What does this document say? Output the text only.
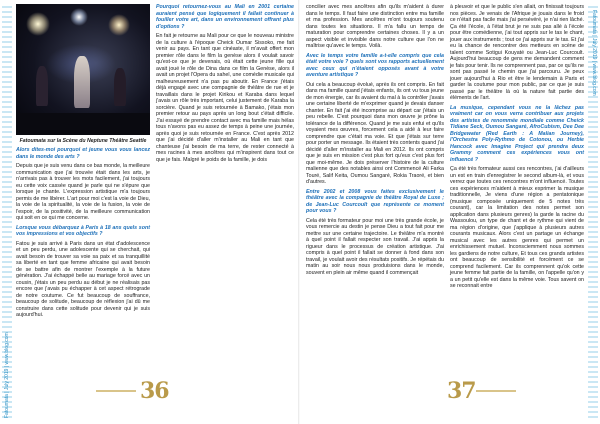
Fatoumata | July 2019 | www.blog.com
Fatoumata sur la Scène du Neptune Théâtre Seattle

Alors dites-moi pourquoi et jeune vous vous lancez dans le monde des arts ?

Depuis que je suis venu dans ce bas monde, la meilleure communication que j'ai trouvée était dans les arts, je n'arrivais pas à trouver les mots facilement, j'ai toujours eu cette voix cassée quand je parle qui ne s'épure que lorsque je chante. L'expression artistique m'a toujours permis de me libérer. L'art pour moi c'est la voie de Dieu, la voie de la spiritualité, la voie de la fusion, la voie de l'espoir, de la positivité, de la meilleure communication qui soit en ce qui me concerne.

Lorsque vous débarquez à Paris à 18 ans quels sont vos impressions et vos objectifs ?

Fatou je suis arrivé à Paris dans un état d'adolescence et un peu perdu, une adolescente qui se cherchait, qui avait besoin de trouver sa voie sa paix et sa tranquillité sa liberté en tant que femme africaine qui avait besoin de se battre afin de montrer l'exemple à la future génération. J'ai échappé belle au mariage forcé avec un cousin, j'étais un peu perdu au début je ne réalisais pas encore que j'avais pu échapper à cet aspect rétrograde de notre coutume. Ce fut beaucoup de souffrance, beaucoup de solitude, beaucoup de réflexion j'ai dû me construire dans cette solitude pour devenir qui je suis aujourd'hui.

Pourquoi retournez-vous au Mali en 2001 certaine auraient pensé que logiquement il fallait continuer à fouiller votre art, dans un environnement offrant plus d'options ?

En fait je retourne au Mali pour ce que le nouveau ministre de la culture à l'époque Cheick Oumar Sissoko, me fait venir au pays. En tant que cinéaste, il m'avait offert mon premier rôle dans le film la genèse alors il voulait savoir qu'est-ce que je devenais, où était cette jeune fille qui avait joué le rôle de Dina dans ce film la Genèse, alors il avait un projet l'Opera du sahel, une comédie musicale qui malheureusement n'a pas pu aboutir. En France j'étais déjà engagé avec une compagnie de théâtre de rue et je travaillais dans le projet Kirikou et Karaba dans lequel j'avais un rôle très important, celui justement de Karaba la sorcière. Quand je suis retournée à Bamako, j'étais mon premier retour au pays après un long bout c'était difficile. J'ai essayé de prendre contact avec ma famille mais hélas tous n'avons pas eu assez de temps à peine une journée, après quoi je suis retournée en France. C'est après 2012 que j'ai décidé d'aller m'installer au Mali en tant que chanteuse j'ai besoin de ma terre, de rester connecté à mes racines à mes ancêtres qui m'inspirent dans tout ce que je fais. Malgré le poids de la famille, je dois

36

concilier avec mes ancêtres afin qu'ils m'aident à durer dans le temps. Il faut faire une distinction entre ma famille et ma profession. Mes ancêtres m'ont toujours soutenu dans toutes les situations. Il m'a fallu un temps de maturation pour comprendre certaines choses. Il y a un aspect visible et invisible dans notre culture que l'on ne maîtrise qu'avec le temps. Voilà.

Avec le temps votre famille a-t-elle compris que cela était votre voie ? quels sont vos rapports actuellement avec ceux qui n'étaient opposés avant à votre aventure artistique ?

Oui cela a beaucoup évolué, après ils ont compris. En fait dans ma famille quand j'étais enfants, ils ont vu tous jeune de mon énergie, car ils avaient du mal à la contrôler j'avais une certaine liberté de m'exprimer quand je devais danser chanter. En fait j'ai été incomprise au départ car j'étais un peu rebelle. C'est pourquoi dans mon œuvre je prône la tolérance de la différence. Quand je me suis enfui et qu'ils voyaient mes œuvres, forcement cela a aidé à leur faire comprendre que c'était ma voie. Et que j'étais sur terre pour porter un message. Ils étaient très contents quand j'ai décidé d'aller m'installer au Mali en 2012. Ils ont compris que je suis en mission c'est plus fort qu'eux c'est plus fort que moi-même. Je dois préserver l'histoire de la culture malienne que des notables ainsi ont Commencé Ali Farka Touré, Salif Keita, Oumou Sangaré, Rokia Traoré, et bien d'autres.

Entre 2002 et 2008 vous faites exclusivement le théâtre avec la compagnie de théâtre Royal de Luxe ; de Jean-Luc Courcoult que représente ce moment pour vous ?

Cela été très formateur pour moi une très grande école, je vous remercie au destin je pense Dieu a tout fait pour me mettre sur une certaine trajectoire. Le théâtre m'a montré à quel point il fallait respecter son travail. J'ai appris la rigueur dans le processus de création artistique. J'ai compris à quel point il fallait se donner à fond dans son travail, je voulait avoir des résultats positifs. Je répétais du matin au soir nous nous produisions dans le monde, souvent en plein air même quand il commençait

à pleuvoir et que le public s'en allait, on finissait toujours nos pièces. Je venais de l'Afrique je jouais dans le froid ce n'était pas facile mais j'ai persévéré, je n'ai rien lâché. Ça été l'école, à l'état brut je ne suis pas allé à l'école pour être comédienne, j'ai tout appris sur le tas le chant, jouer aux instruments ; tout ce j'ai appris sur le tas. Et j'ai eu la chance de rencontrer des metteurs en scène de talent comme Sotigui Kouyaté ou Jean-Luc Courcoult. Aujourd'hui beaucoup de gens me demandent comment je fais pour tenir. Ils ne comprennent pas, par ce qu'ils ne sont pas passé le chemin que j'ai parcouru. Je peux jouer aujourd'hui à Rio et être le lendemain à Paris et garder la coutume pour mon public, par ce que je suis passé par le théâtre là où la nature fait partie des éléments de l'art.

La musique, cependant vous ne la lâchez pas vraiment car on vous verra contribuer aux projets des artistes de renommée mondiale comme Cheick Tidiane Seck, Oumou Sangaré, AfroCubism, Dee Dee Bridgewater (Red Earth : A Malian Journey), l'Orchestra Poly-Rythmo de Cotonou, ou Herbie Hancock avec Imagine Project qui prendra deux Grammy comment ces expériences vous ont influencé ?

Ça été très formateur aussi ces rencontres, j'ai d'ailleurs un est en train d'enregistrer le second album-là, et vous verrez que toutes ces rencontres m'ont influencé. Toutes ces expériences m'aident à mieux exprimer la musique traditionnelle, Je viens d'une région a pentatonique (musique composée uniquement de 5 notes très courant), car la limitation des notes permet son application dans plusieurs genres) la garde la racine du Wassoulou, un type de chant et de rythme qui vient de ma région d'origine, que j'applique à plusieurs autres courants musicaux. Alors c'est un partage un échange musical avec les autres genres qui permet un enrichissement mutuel. Inconsciemment nous sommes les gardiens de notre culture, Et tous ces grands artistes ont beaucoup de sensibilité et forcément ce se comprend facilement. Car ils comprennent qu'ok cette jeune femme fait partie de la famille, on l'appelle qu'on y a un petit qu'elle est dans la même voie. Tous savent on se reconnait entre

37
Fatoumata | July 2019 | www.blog.com
